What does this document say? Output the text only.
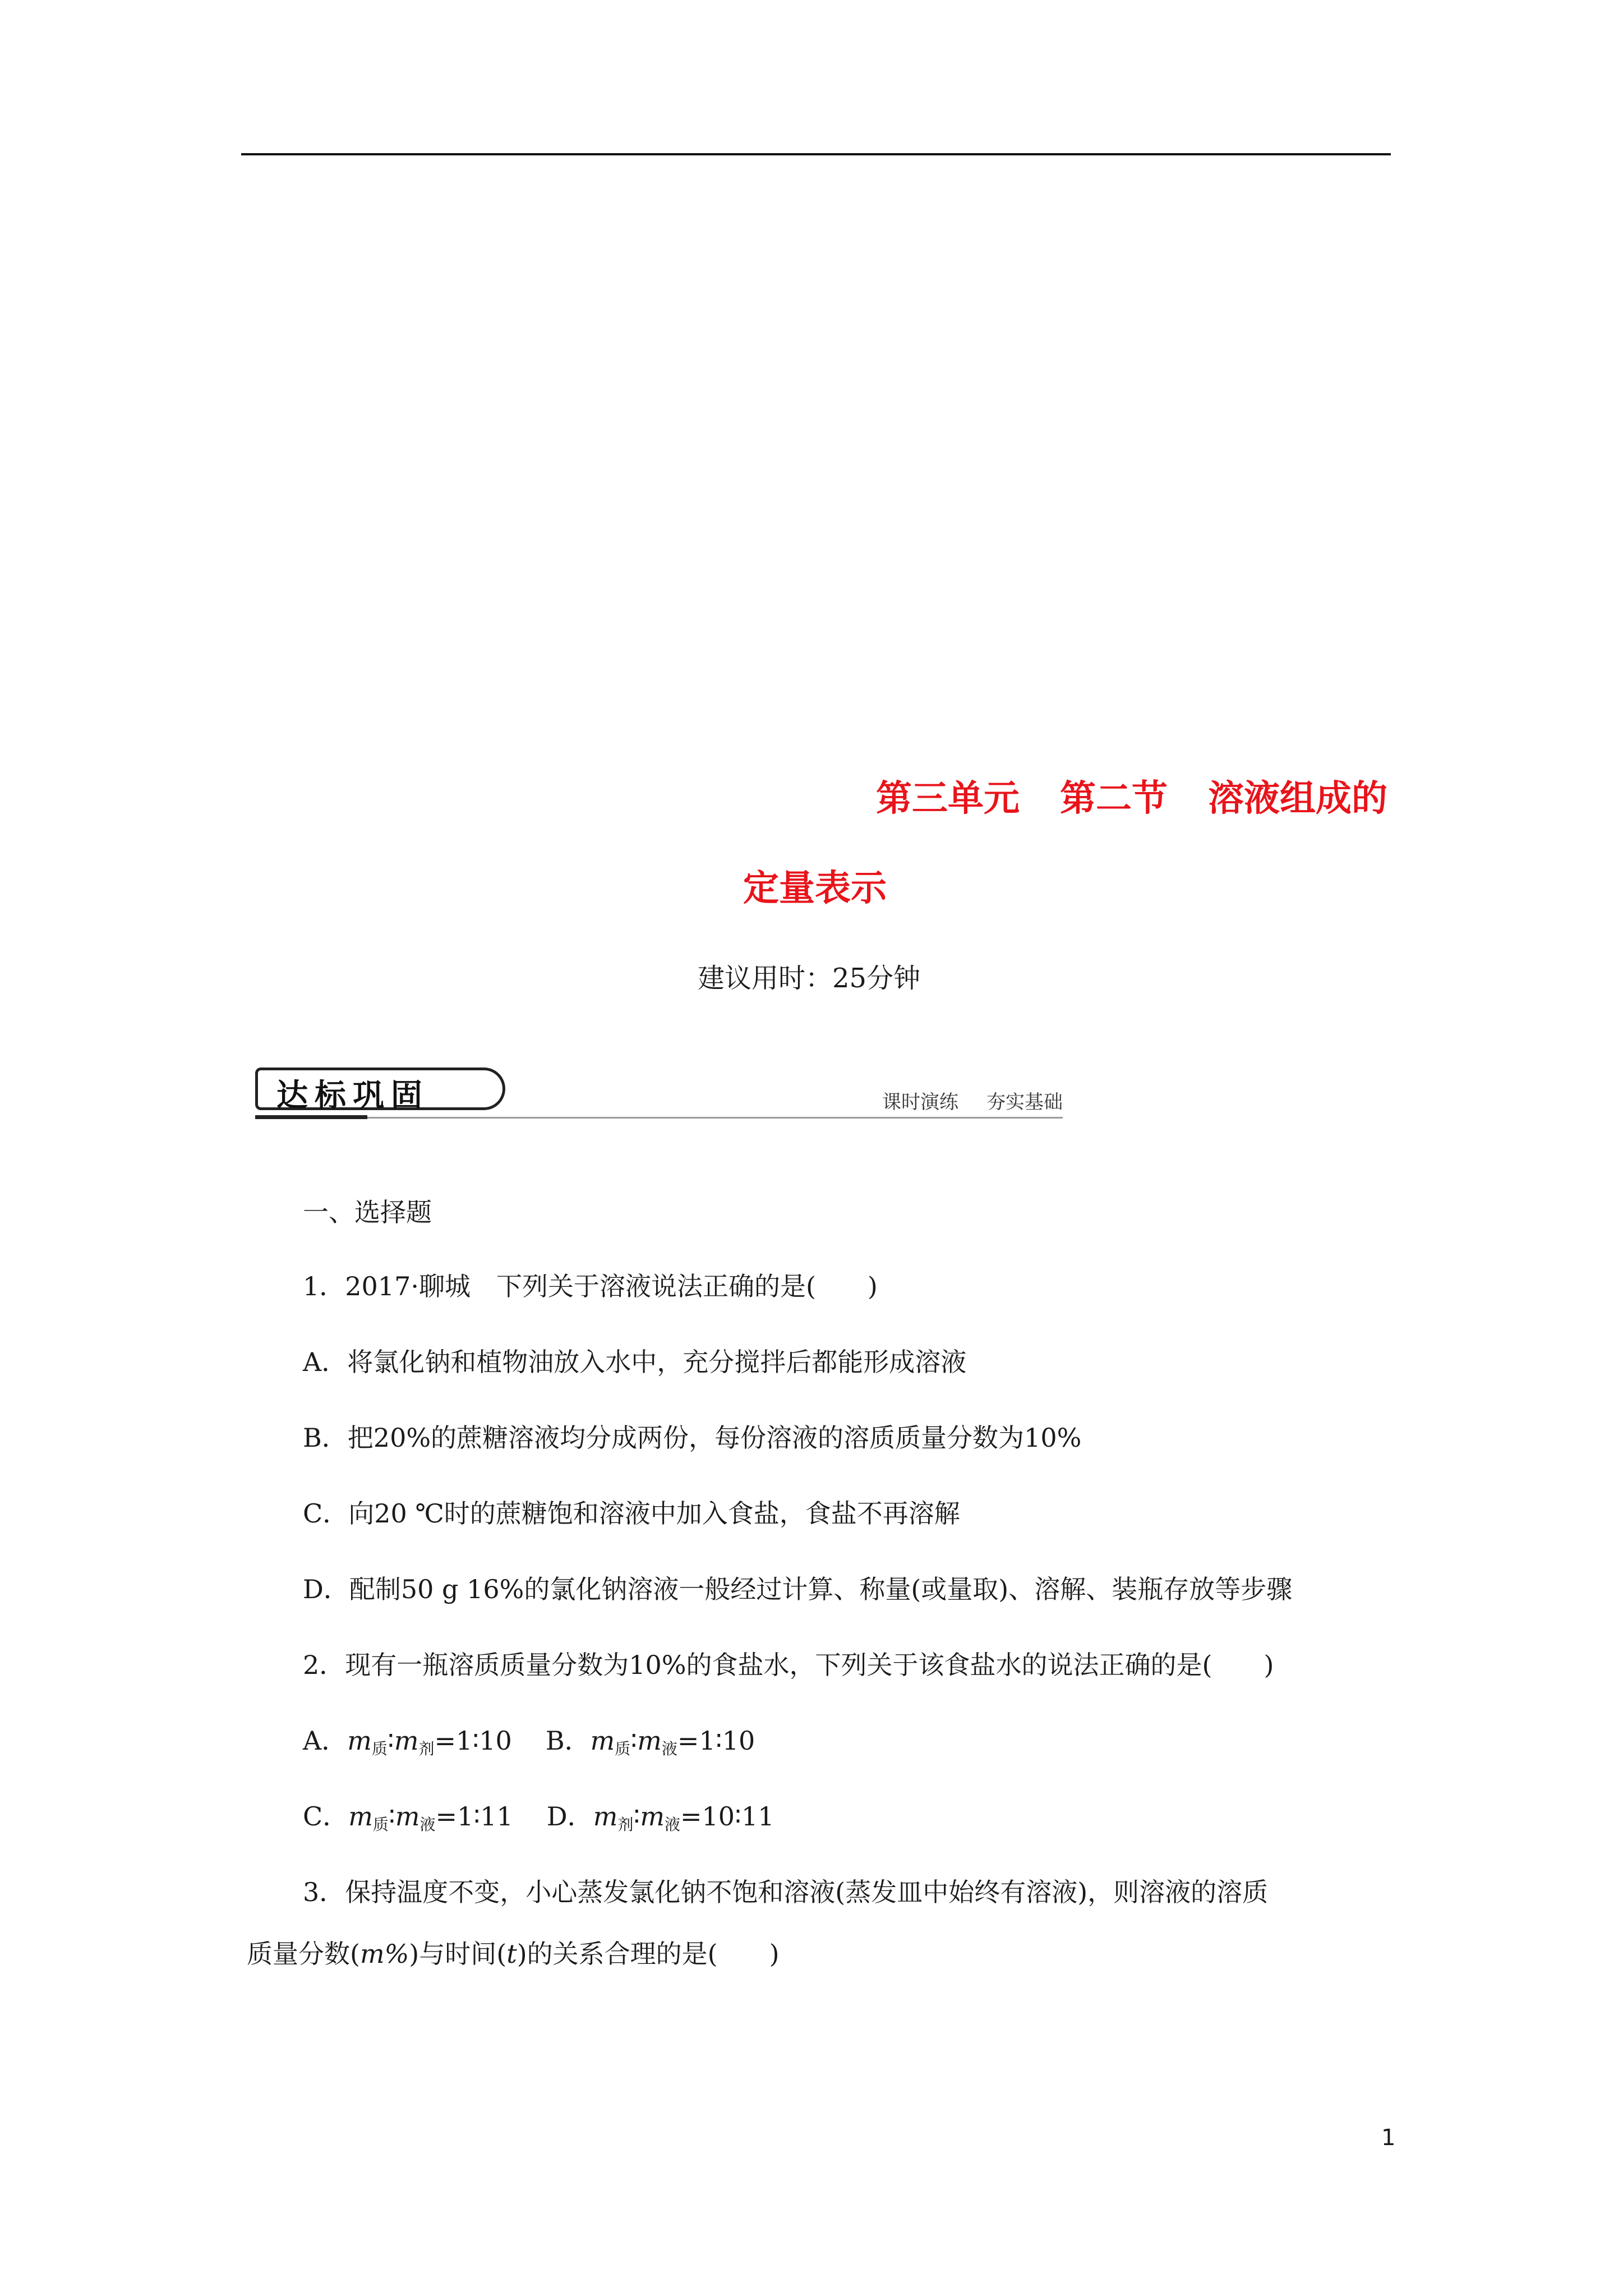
第三单元 第二节 溶液组成的
定量表示
建议用时：25分钟
达标巩固	课时演练 夯实基础
一、选择题
1．2017·聊城　下列关于溶液说法正确的是(　　)
A．将氯化钠和植物油放入水中，充分搅拌后都能形成溶液
B．把20%的蔗糖溶液均分成两份，每份溶液的溶质质量分数为10%
C．向20 ℃时的蔗糖饱和溶液中加入食盐，食盐不再溶解
D．配制50 g 16%的氯化钠溶液一般经过计算、称量(或量取)、溶解、装瓶存放等步骤
2．现有一瓶溶质质量分数为10%的食盐水，下列关于该食盐水的说法正确的是(　　)
A．$m_质∶m_剂=1∶10$ B．$m_质∶m_液=1∶10$
C．$m_质∶m_液=1∶11$ D．$m_剂∶m_液=10∶11$
3．保持温度不变，小心蒸发氯化钠不饱和溶液(蒸发皿中始终有溶液)，则溶液的溶质
质量分数(m%)与时间(t)的关系合理的是(　　)
1
